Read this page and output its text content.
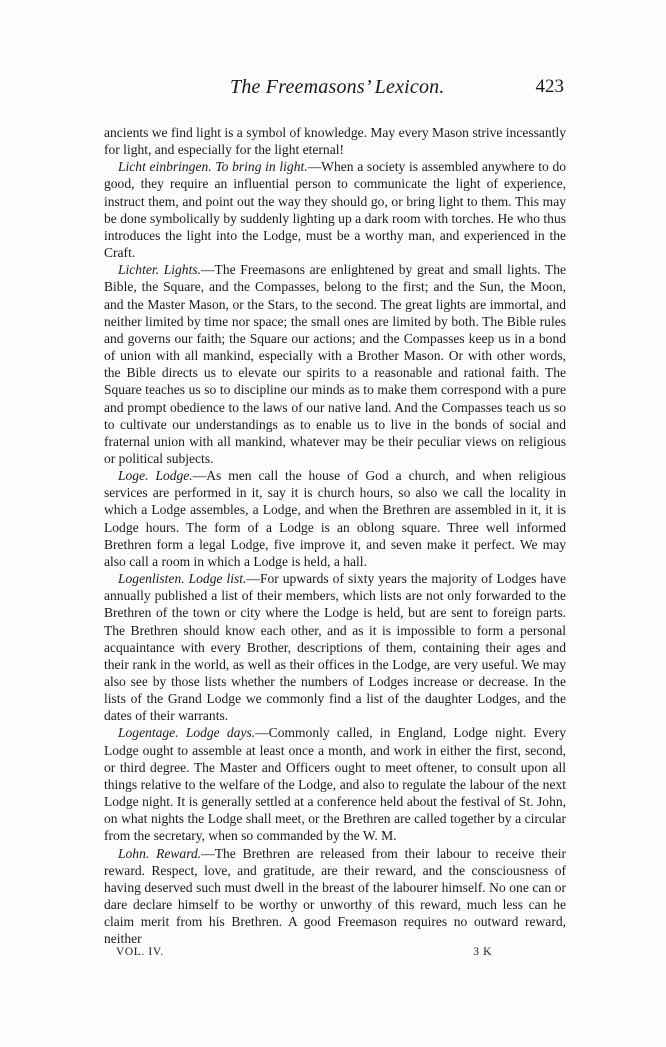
The Freemasons’ Lexicon.	423

ancients we find light is a symbol of knowledge. May every Mason strive incessantly for light, and especially for the light eternal!

Licht einbringen. To bring in light.—When a society is assembled anywhere to do good, they require an influential person to communicate the light of experience, instruct them, and point out the way they should go, or bring light to them. This may be done symbolically by suddenly lighting up a dark room with torches. He who thus introduces the light into the Lodge, must be a worthy man, and experienced in the Craft.

Lichter. Lights.—The Freemasons are enlightened by great and small lights. The Bible, the Square, and the Compasses, belong to the first; and the Sun, the Moon, and the Master Mason, or the Stars, to the second. The great lights are immortal, and neither limited by time nor space; the small ones are limited by both. The Bible rules and governs our faith; the Square our actions; and the Compasses keep us in a bond of union with all mankind, especially with a Brother Mason. Or with other words, the Bible directs us to elevate our spirits to a reasonable and rational faith. The Square teaches us so to discipline our minds as to make them correspond with a pure and prompt obedience to the laws of our native land. And the Compasses teach us so to cultivate our understandings as to enable us to live in the bonds of social and fraternal union with all mankind, whatever may be their peculiar views on religious or political subjects.

Loge. Lodge.—As men call the house of God a church, and when religious services are performed in it, say it is church hours, so also we call the locality in which a Lodge assembles, a Lodge, and when the Brethren are assembled in it, it is Lodge hours. The form of a Lodge is an oblong square. Three well informed Brethren form a legal Lodge, five improve it, and seven make it perfect. We may also call a room in which a Lodge is held, a hall.

Logenlisten. Lodge list.—For upwards of sixty years the majority of Lodges have annually published a list of their members, which lists are not only forwarded to the Brethren of the town or city where the Lodge is held, but are sent to foreign parts. The Brethren should know each other, and as it is impossible to form a personal acquaintance with every Brother, descriptions of them, containing their ages and their rank in the world, as well as their offices in the Lodge, are very useful. We may also see by those lists whether the numbers of Lodges increase or decrease. In the lists of the Grand Lodge we commonly find a list of the daughter Lodges, and the dates of their warrants.

Logentage. Lodge days.—Commonly called, in England, Lodge night. Every Lodge ought to assemble at least once a month, and work in either the first, second, or third degree. The Master and Officers ought to meet oftener, to consult upon all things relative to the welfare of the Lodge, and also to regulate the labour of the next Lodge night. It is generally settled at a conference held about the festival of St. John, on what nights the Lodge shall meet, or the Brethren are called together by a circular from the secretary, when so commanded by the W. M.

Lohn. Reward.—The Brethren are released from their labour to receive their reward. Respect, love, and gratitude, are their reward, and the consciousness of having deserved such must dwell in the breast of the labourer himself. No one can or dare declare himself to be worthy or unworthy of this reward, much less can he claim merit from his Brethren. A good Freemason requires no outward reward, neither

VOL. IV.	3 K
